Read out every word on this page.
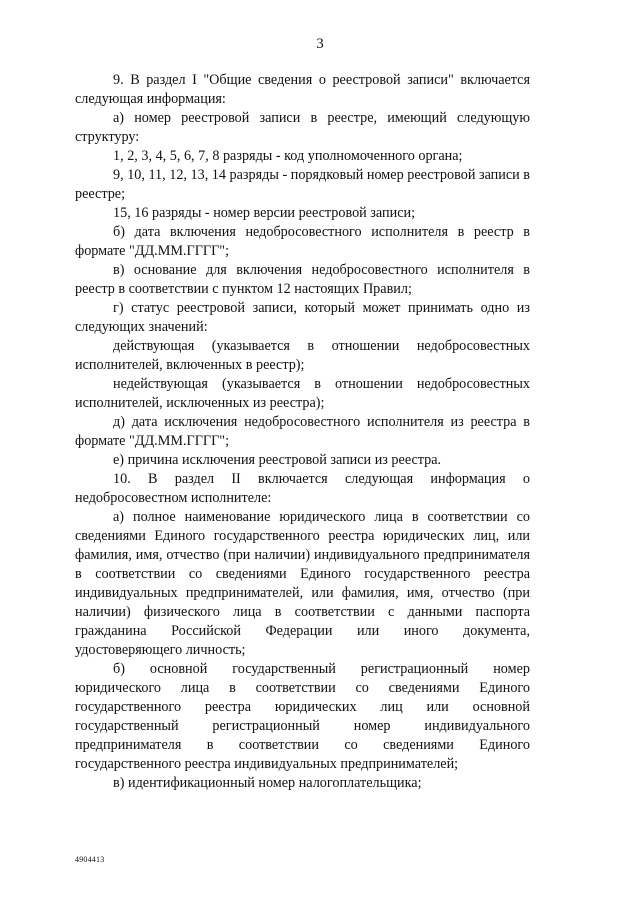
3

9. В раздел I "Общие сведения о реестровой записи" включается следующая информация:

а) номер реестровой записи в реестре, имеющий следующую структуру:

1, 2, 3, 4, 5, 6, 7, 8 разряды - код уполномоченного органа;

9, 10, 11, 12, 13, 14 разряды - порядковый номер реестровой записи в реестре;

15, 16 разряды - номер версии реестровой записи;

б) дата включения недобросовестного исполнителя в реестр в формате "ДД.ММ.ГГГГ";

в) основание для включения недобросовестного исполнителя в реестр в соответствии с пунктом 12 настоящих Правил;

г) статус реестровой записи, который может принимать одно из следующих значений:

действующая (указывается в отношении недобросовестных исполнителей, включенных в реестр);

недействующая (указывается в отношении недобросовестных исполнителей, исключенных из реестра);

д) дата исключения недобросовестного исполнителя из реестра в формате "ДД.ММ.ГГГГ";

е) причина исключения реестровой записи из реестра.

10. В раздел II включается следующая информация о недобросовестном исполнителе:

а) полное наименование юридического лица в соответствии со сведениями Единого государственного реестра юридических лиц, или фамилия, имя, отчество (при наличии) индивидуального предпринимателя в соответствии со сведениями Единого государственного реестра индивидуальных предпринимателей, или фамилия, имя, отчество (при наличии) физического лица в соответствии с данными паспорта гражданина Российской Федерации или иного документа, удостоверяющего личность;

б) основной государственный регистрационный номер юридического лица в соответствии со сведениями Единого государственного реестра юридических лиц или основной государственный регистрационный номер индивидуального предпринимателя в соответствии со сведениями Единого государственного реестра индивидуальных предпринимателей;

в) идентификационный номер налогоплательщика;

4904413
